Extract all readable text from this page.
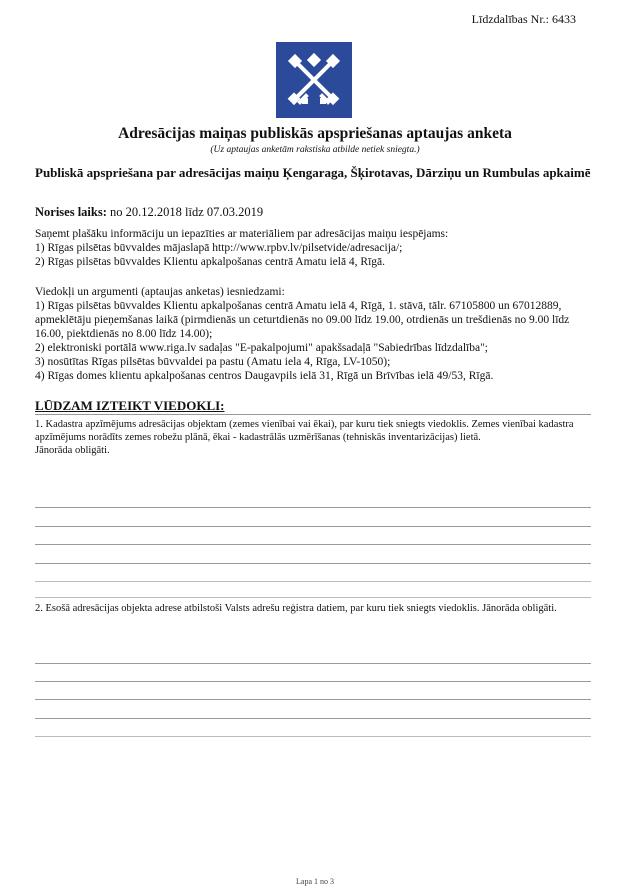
Līdzdalības Nr.: 6433
Adresācijas maiņas publiskās apspriešanas aptaujas anketa
(Uz aptaujas anketām rakstiska atbilde netiek sniegta.)
Publiskā apspriešana par adresācijas maiņu Ķengaraga, Šķirotavas, Dārziņu un Rumbulas apkaimē
Norises laiks: no 20.12.2018 līdz 07.03.2019
Saņemt plašāku informāciju un iepazīties ar materiāliem par adresācijas maiņu iespējams:
1) Rīgas pilsētas būvvaldes mājaslapā http://www.rpbv.lv/pilsetvide/adresacija/;
2) Rīgas pilsētas būvvaldes Klientu apkalpošanas centrā Amatu ielā 4, Rīgā.
Viedokļi un argumenti (aptaujas anketas) iesniedzami:
1) Rīgas pilsētas būvvaldes Klientu apkalpošanas centrā Amatu ielā 4, Rīgā, 1. stāvā, tālr. 67105800 un 67012889, apmeklētāju pieņemšanas laikā (pirmdienās un ceturtdienās no 09.00 līdz 19.00, otrdienās un trešdienās no 9.00 līdz 16.00, piektdienās no 8.00 līdz 14.00);
2) elektroniski portālā www.riga.lv sadaļas "E-pakalpojumi" apakšsadaļā "Sabiedrības līdzdalība";
3) nosūtītas Rīgas pilsētas būvvaldei pa pastu (Amatu iela 4, Rīga, LV-1050);
4) Rīgas domes klientu apkalpošanas centros Daugavpils ielā 31, Rīgā un Brīvības ielā 49/53, Rīgā.
LŪDZAM IZTEIKT VIEDOKLI:
1. Kadastra apzīmējums adresācijas objektam (zemes vienībai vai ēkai), par kuru tiek sniegts viedoklis. Zemes vienībai kadastra apzīmējums norādīts zemes robežu plānā, ēkai - kadastrālās uzmērīšanas (tehniskās inventarizācijas) lietā.
Jānorāda obligāti.
2. Esošā adresācijas objekta adrese atbilstoši Valsts adrešu reģistra datiem, par kuru tiek sniegts viedoklis. Jānorāda obligāti.
Lapa 1 no 3
